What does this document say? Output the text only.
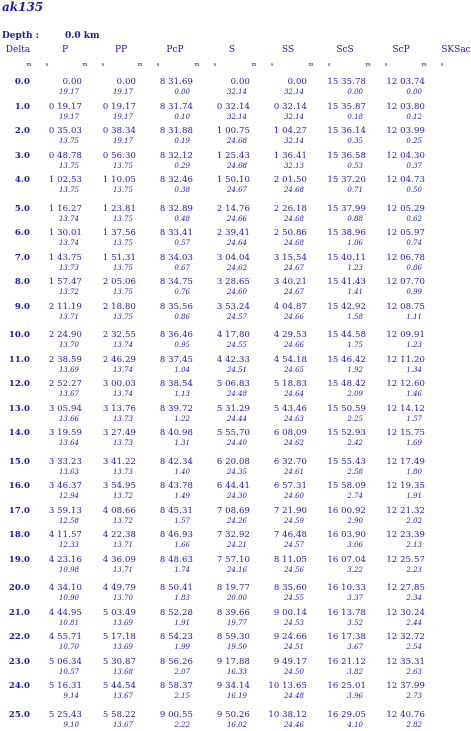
ak135
Depth :	0.0 km
Delta	P	PP	PcP	S	SS	ScS	ScP	SKSac
m	s	m	s	m	s	m	s	m	s	m	s	m	s	m	s
0.0	0.00	0.00	8 31.69	0.00	0.00	15 35.78	12 03.74
19.17	19.17	0.00	32.14	32.14	0.00	0.00
1.0	0 19.17	0 19.17	8 31.74	0 32.14	0 32.14	15 35.87	12 03.80
19.17	19.17	0.10	32.14	32.14	0.18	0.12
2.0	0 35.03	0 38.34	8 31.88	1 00.75	1 04.27	15 36.14	12 03.99
13.75	19.17	0.19	24.68	32.14	0.35	0.25
3.0	0 48.78	0 56.30	8 32.12	1 25.43	1 36.41	15 36.58	12 04.30
13.75	13.75	0.29	24.68	32.13	0.53	0.37
4.0	1 02.53	1 10.05	8 32.46	1 50.10	2 01.50	15 37.20	12 04.73
13.75	13.75	0.38	24.67	24.68	0.71	0.50
5.0	1 16.27	1 23.81	8 32.89	2 14.76	2 26.18	15 37.99	12 05.29
13.74	13.75	0.48	24.66	24.68	0.88	0.62
6.0	1 30.01	1 37.56	8 33.41	2 39.41	2 50.86	15 38.96	12 05.97
13.74	13.75	0.57	24.64	24.68	1.06	0.74
7.0	1 43.75	1 51.31	8 34.03	3 04.04	3 15.54	15 40.11	12 06.78
13.73	13.75	0.67	24.62	24.67	1.23	0.86
8.0	1 57.47	2 05.06	8 34.75	3 28.65	3 40.21	15 41.43	12 07.70
13.72	13.75	0.76	24.60	24.67	1.41	0.99
9.0	2 11.19	2 18.80	8 35.56	3 53.24	4 04.87	15 42.92	12 08.75
13.71	13.75	0.86	24.57	24.66	1.58	1.11
10.0	2 24.90	2 32.55	8 36.46	4 17.80	4 29.53	15 44.58	12 09.91
13.70	13.74	0.95	24.55	24.66	1.75	1.23
11.0	2 38.59	2 46.29	8 37.45	4 42.33	4 54.18	15 46.42	12 11.20
13.69	13.74	1.04	24.51	24.65	1.92	1.34
12.0	2 52.27	3 00.03	8 38.54	5 06.83	5 18.83	15 48.42	12 12.60
13.67	13.74	1.13	24.48	24.64	2.09	1.46
13.0	3 05.94	3 13.76	8 39.72	5 31.29	5 43.46	15 50.59	12 14.12
13.66	13.73	1.22	24.44	24.63	2.25	1.57
14.0	3 19.59	3 27.49	8 40.98	5 55.70	6 08.09	15 52.93	12 15.75
13.64	13.73	1.31	24.40	24.62	2.42	1.69
15.0	3 33.23	3 41.22	8 42.34	6 20.08	6 32.70	15 55.43	12 17.49
13.63	13.73	1.40	24.35	24.61	2.58	1.80
16.0	3 46.37	3 54.95	8 43.78	6 44.41	6 57.31	15 58.09	12 19.35
12.94	13.72	1.49	24.30	24.60	2.74	1.91
17.0	3 59.13	4 08.66	8 45.31	7 08.69	7 21.90	16 00.92	12 21.32
12.58	13.72	1.57	24.26	24.59	2.90	2.02
18.0	4 11.57	4 22.38	8 46.93	7 32.92	7 46.48	16 03.90	12 23.39
12.33	13.71	1.66	24.21	24.57	3.06	2.13
19.0	4 23.16	4 36.09	8 48.63	7 57.10	8 11.05	16 07.04	12 25.57
10.98	13.71	1.74	24.16	24.56	3.22	2.23
20.0	4 34.10	4 49.79	8 50.41	8 19.77	8 35.60	16 10.33	12 27.85
10.90	13.70	1.83	20.00	24.55	3.37	2.34
21.0	4 44.95	5 03.49	8 52.28	8 39.66	9 00.14	16 13.78	12 30.24
10.81	13.69	1.91	19.77	24.53	3.52	2.44
22.0	4 55.71	5 17.18	8 54.23	8 59.30	9 24.66	16 17.38	12 32.72
10.70	13.69	1.99	19.50	24.51	3.67	2.54
23.0	5 06.34	5 30.87	8 56.26	9 17.88	9 49.17	16 21.12	12 35.31
10.57	13.68	2.07	16.33	24.50	3.82	2.63
24.0	5 16.31	5 44.54	8 58.37	9 34.14	10 13.65	16 25.01	12 37.99
9.14	13.67	2.15	16.19	24.48	3.96	2.73
25.0	5 25.43	5 58.22	9 00.55	9 50.26	10 38.12	16 29.05	12 40.76
9.10	13.67	2.22	16.02	24.46	4.10	2.82
